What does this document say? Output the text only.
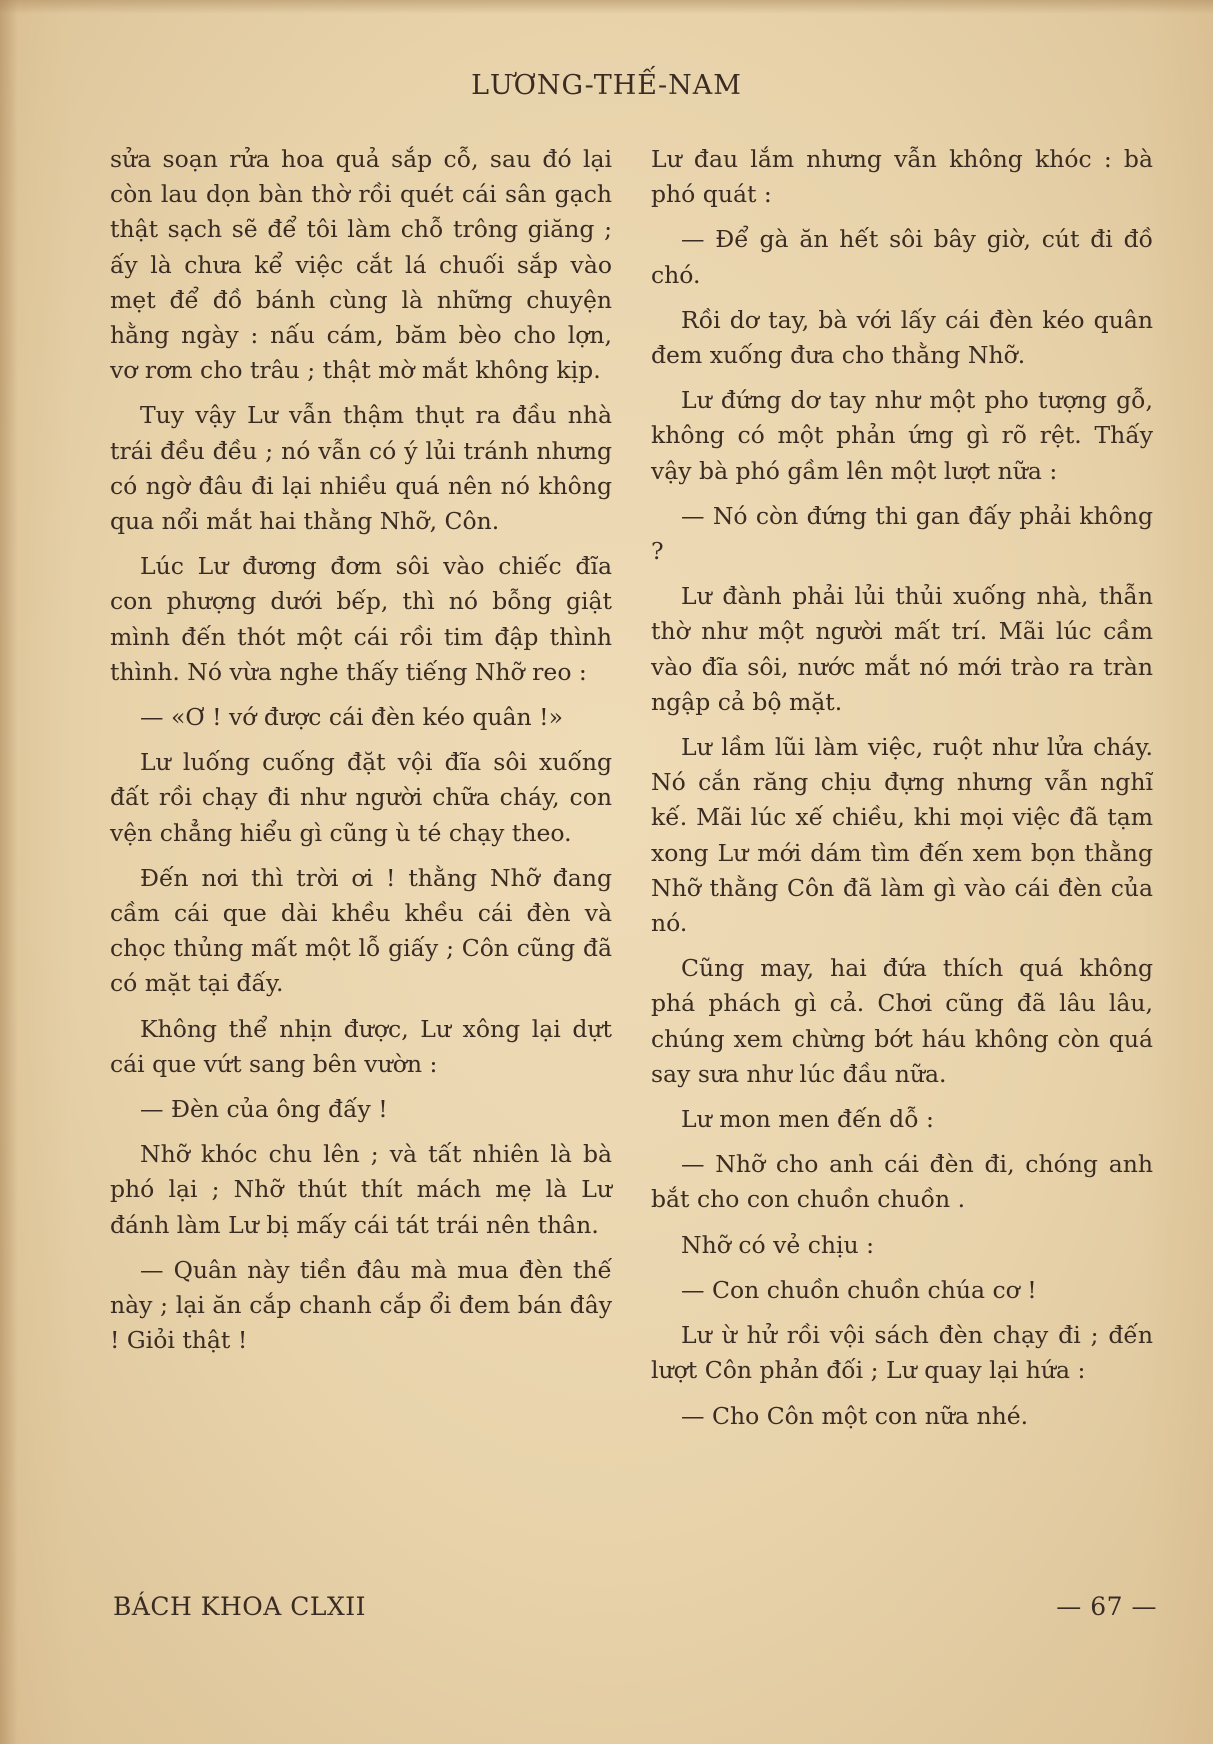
LƯƠNG-THẾ-NAM

sửa soạn rửa hoa quả sắp cỗ, sau đó lại còn lau dọn bàn thờ rồi quét cái sân gạch thật sạch sẽ để tôi làm chỗ trông giăng ; ấy là chưa kể việc cắt lá chuối sắp vào mẹt để đồ bánh cùng là những chuyện hằng ngày : nấu cám, băm bèo cho lợn, vơ rơm cho trâu ; thật mờ mắt không kịp.

Tuy vậy Lư vẫn thậm thụt ra đầu nhà trái đều đều ; nó vẫn có ý lủi tránh nhưng có ngờ đâu đi lại nhiều quá nên nó không qua nổi mắt hai thằng Nhỡ, Côn.

Lúc Lư đương đơm sôi vào chiếc đĩa con phượng dưới bếp, thì nó bỗng giật mình đến thót một cái rồi tim đập thình thình. Nó vừa nghe thấy tiếng Nhỡ reo :

— «Ơ ! vớ được cái đèn kéo quân !»

Lư luống cuống đặt vội đĩa sôi xuống đất rồi chạy đi như người chữa cháy, con vện chẳng hiểu gì cũng ù té chạy theo.

Đến nơi thì trời ơi ! thằng Nhỡ đang cầm cái que dài khều khều cái đèn và chọc thủng mất một lỗ giấy ; Côn cũng đã có mặt tại đấy.

Không thể nhịn được, Lư xông lại dựt cái que vứt sang bên vườn :

— Đèn của ông đấy !

Nhỡ khóc chu lên ; và tất nhiên là bà phó lại ; Nhỡ thút thít mách mẹ là Lư đánh làm Lư bị mấy cái tát trái nên thân.

— Quân này tiền đâu mà mua đèn thế này ; lại ăn cắp chanh cắp ổi đem bán đây ! Giỏi thật !

Lư đau lắm nhưng vẫn không khóc : bà phó quát :

— Để gà ăn hết sôi bây giờ, cút đi đồ chó.

Rồi dơ tay, bà với lấy cái đèn kéo quân đem xuống đưa cho thằng Nhỡ.

Lư đứng dơ tay như một pho tượng gỗ, không có một phản ứng gì rõ rệt. Thấy vậy bà phó gầm lên một lượt nữa :

— Nó còn đứng thi gan đấy phải không ?

Lư đành phải lủi thủi xuống nhà, thẫn thờ như một người mất trí. Mãi lúc cầm vào đĩa sôi, nước mắt nó mới trào ra tràn ngập cả bộ mặt.

Lư lầm lũi làm việc, ruột như lửa cháy. Nó cắn răng chịu đựng nhưng vẫn nghĩ kế. Mãi lúc xế chiều, khi mọi việc đã tạm xong Lư mới dám tìm đến xem bọn thằng Nhỡ thằng Côn đã làm gì vào cái đèn của nó.

Cũng may, hai đứa thích quá không phá phách gì cả. Chơi cũng đã lâu lâu, chúng xem chừng bớt háu không còn quá say sưa như lúc đầu nữa.

Lư mon men đến dỗ :

— Nhỡ cho anh cái đèn đi, chóng anh bắt cho con chuồn chuồn .

Nhỡ có vẻ chịu :

— Con chuồn chuồn chúa cơ !

Lư ừ hử rồi vội sách đèn chạy đi ; đến lượt Côn phản đối ; Lư quay lại hứa :

— Cho Côn một con nữa nhé.

BÁCH KHOA CLXII	— 67 —
